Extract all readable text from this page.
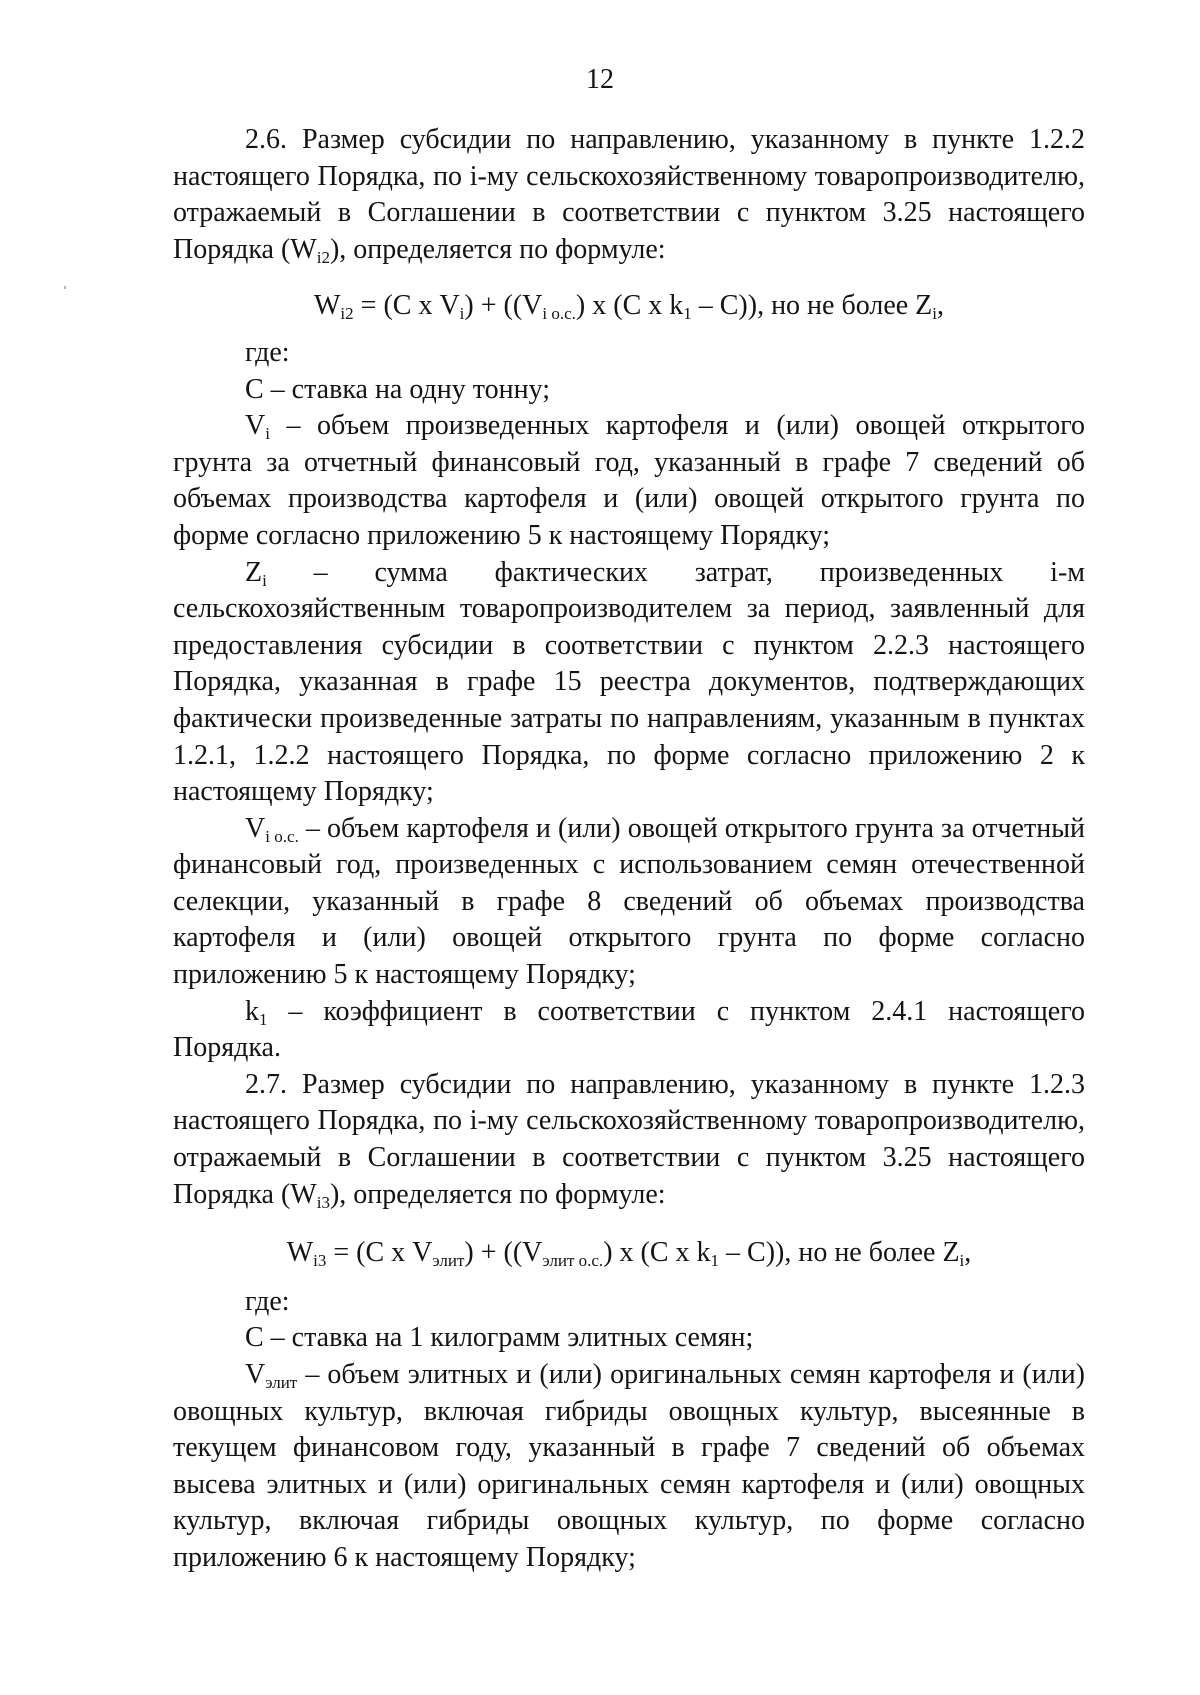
12

2.6. Размер субсидии по направлению, указанному в пункте 1.2.2 настоящего Порядка, по i-му сельскохозяйственному товаропроизводителю, отражаемый в Соглашении в соответствии с пунктом 3.25 настоящего Порядка $(W_{i2})$, определяется по формуле:

$W_{i2} = (С$ х $V_i) + ((V_{i о.с.})$ х (С х $k_1 - С$)), но не более $Z_i$,

где:

С – ставка на одну тонну;

$V_i$ – объем произведенных картофеля и (или) овощей открытого грунта за отчетный финансовый год, указанный в графе 7 сведений об объемах производства картофеля и (или) овощей открытого грунта по форме согласно приложению 5 к настоящему Порядку;

$Z_i$ – сумма фактических затрат, произведенных i-м сельскохозяйственным товаропроизводителем за период, заявленный для предоставления субсидии в соответствии с пунктом 2.2.3 настоящего Порядка, указанная в графе 15 реестра документов, подтверждающих фактически произведенные затраты по направлениям, указанным в пунктах 1.2.1, 1.2.2 настоящего Порядка, по форме согласно приложению 2 к настоящему Порядку;

$V_{i о.с.}$ – объем картофеля и (или) овощей открытого грунта за отчетный финансовый год, произведенных с использованием семян отечественной селекции, указанный в графе 8 сведений об объемах производства картофеля и (или) овощей открытого грунта по форме согласно приложению 5 к настоящему Порядку;

$k_1$ – коэффициент в соответствии с пунктом 2.4.1 настоящего Порядка.

2.7. Размер субсидии по направлению, указанному в пункте 1.2.3 настоящего Порядка, по i-му сельскохозяйственному товаропроизводителю, отражаемый в Соглашении в соответствии с пунктом 3.25 настоящего Порядка $(W_{i3})$, определяется по формуле:

$W_{i3} = (С$ х $V_{элит}) + ((V_{элит о.с.})$ х (С х $k_1 - С$)), но не более $Z_i$,

где:

С – ставка на 1 килограмм элитных семян;

$V_{элит}$ – объем элитных и (или) оригинальных семян картофеля и (или) овощных культур, включая гибриды овощных культур, высеянные в текущем финансовом году, указанный в графе 7 сведений об объемах высева элитных и (или) оригинальных семян картофеля и (или) овощных культур, включая гибриды овощных культур, по форме согласно приложению 6 к настоящему Порядку;
